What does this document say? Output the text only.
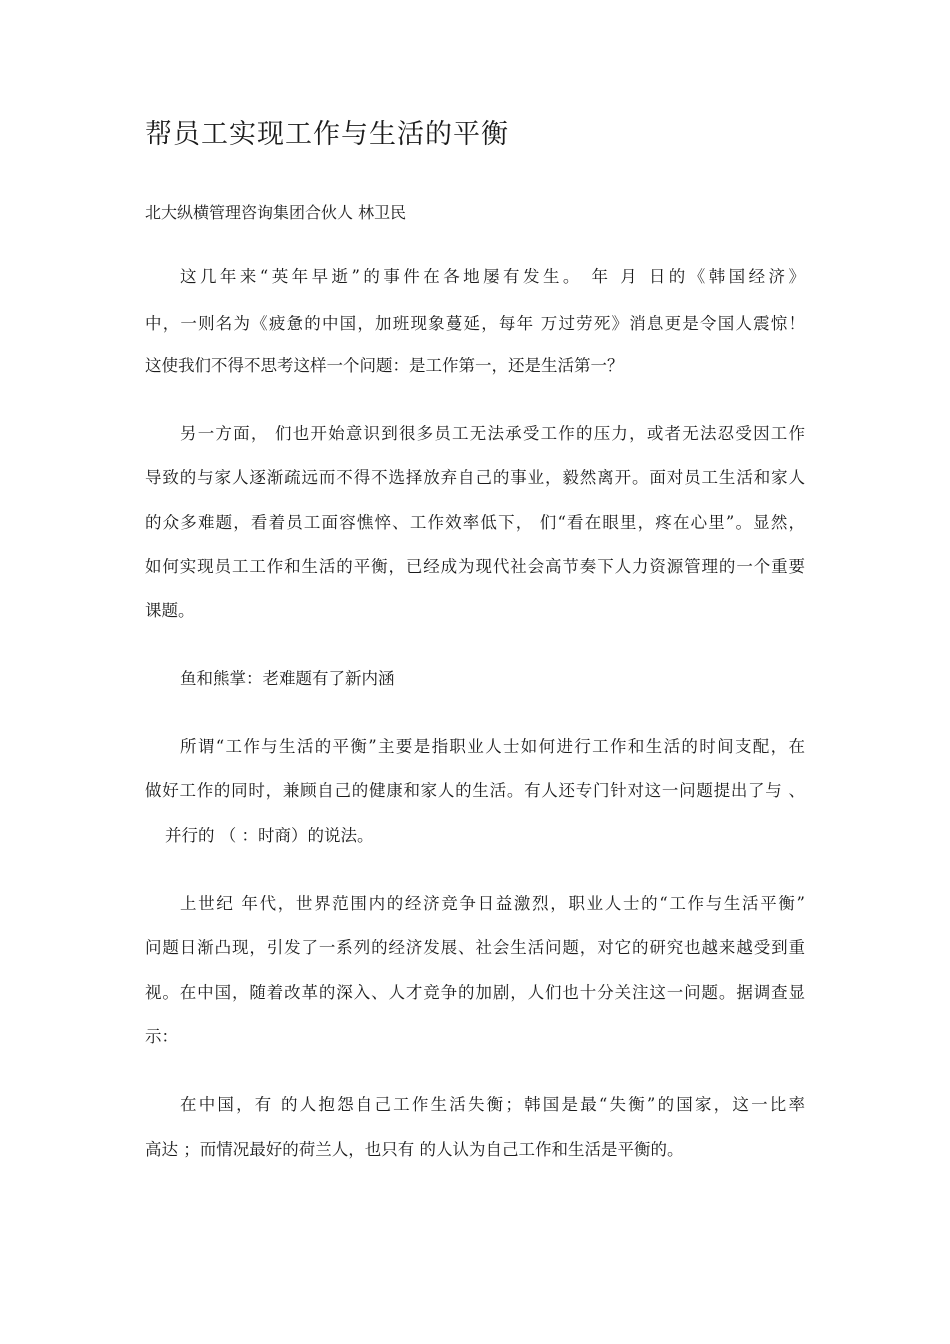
帮员工实现工作与生活的平衡

北大纵横管理咨询集团合伙人 林卫民

这几年来“英年早逝”的事件在各地屡有发生。 年 月 日的《韩国经济》

中，一则名为《疲惫的中国，加班现象蔓延，每年 万过劳死》消息更是令国人震惊！

这使我们不得不思考这样一个问题：是工作第一，还是生活第一？

另一方面， 们也开始意识到很多员工无法承受工作的压力，或者无法忍受因工作

导致的与家人逐渐疏远而不得不选择放弃自己的事业，毅然离开。面对员工生活和家人

的众多难题，看着员工面容憔悴、工作效率低下， 们“看在眼里，疼在心里”。显然，

如何实现员工工作和生活的平衡，已经成为现代社会高节奏下人力资源管理的一个重要

课题。

鱼和熊掌：老难题有了新内涵

所谓“工作与生活的平衡”主要是指职业人士如何进行工作和生活的时间支配，在

做好工作的同时，兼顾自己的健康和家人的生活。有人还专门针对这一问题提出了与 、

并行的 （ ：时商）的说法。

上世纪 年代，世界范围内的经济竞争日益激烈，职业人士的“工作与生活平衡”

问题日渐凸现，引发了一系列的经济发展、社会生活问题，对它的研究也越来越受到重

视。在中国，随着改革的深入、人才竞争的加剧，人们也十分关注这一问题。据调查显

示：

在中国，有 的人抱怨自己工作生活失衡；韩国是最“失衡”的国家，这一比率

高达 ；而情况最好的荷兰人，也只有 的人认为自己工作和生活是平衡的。
